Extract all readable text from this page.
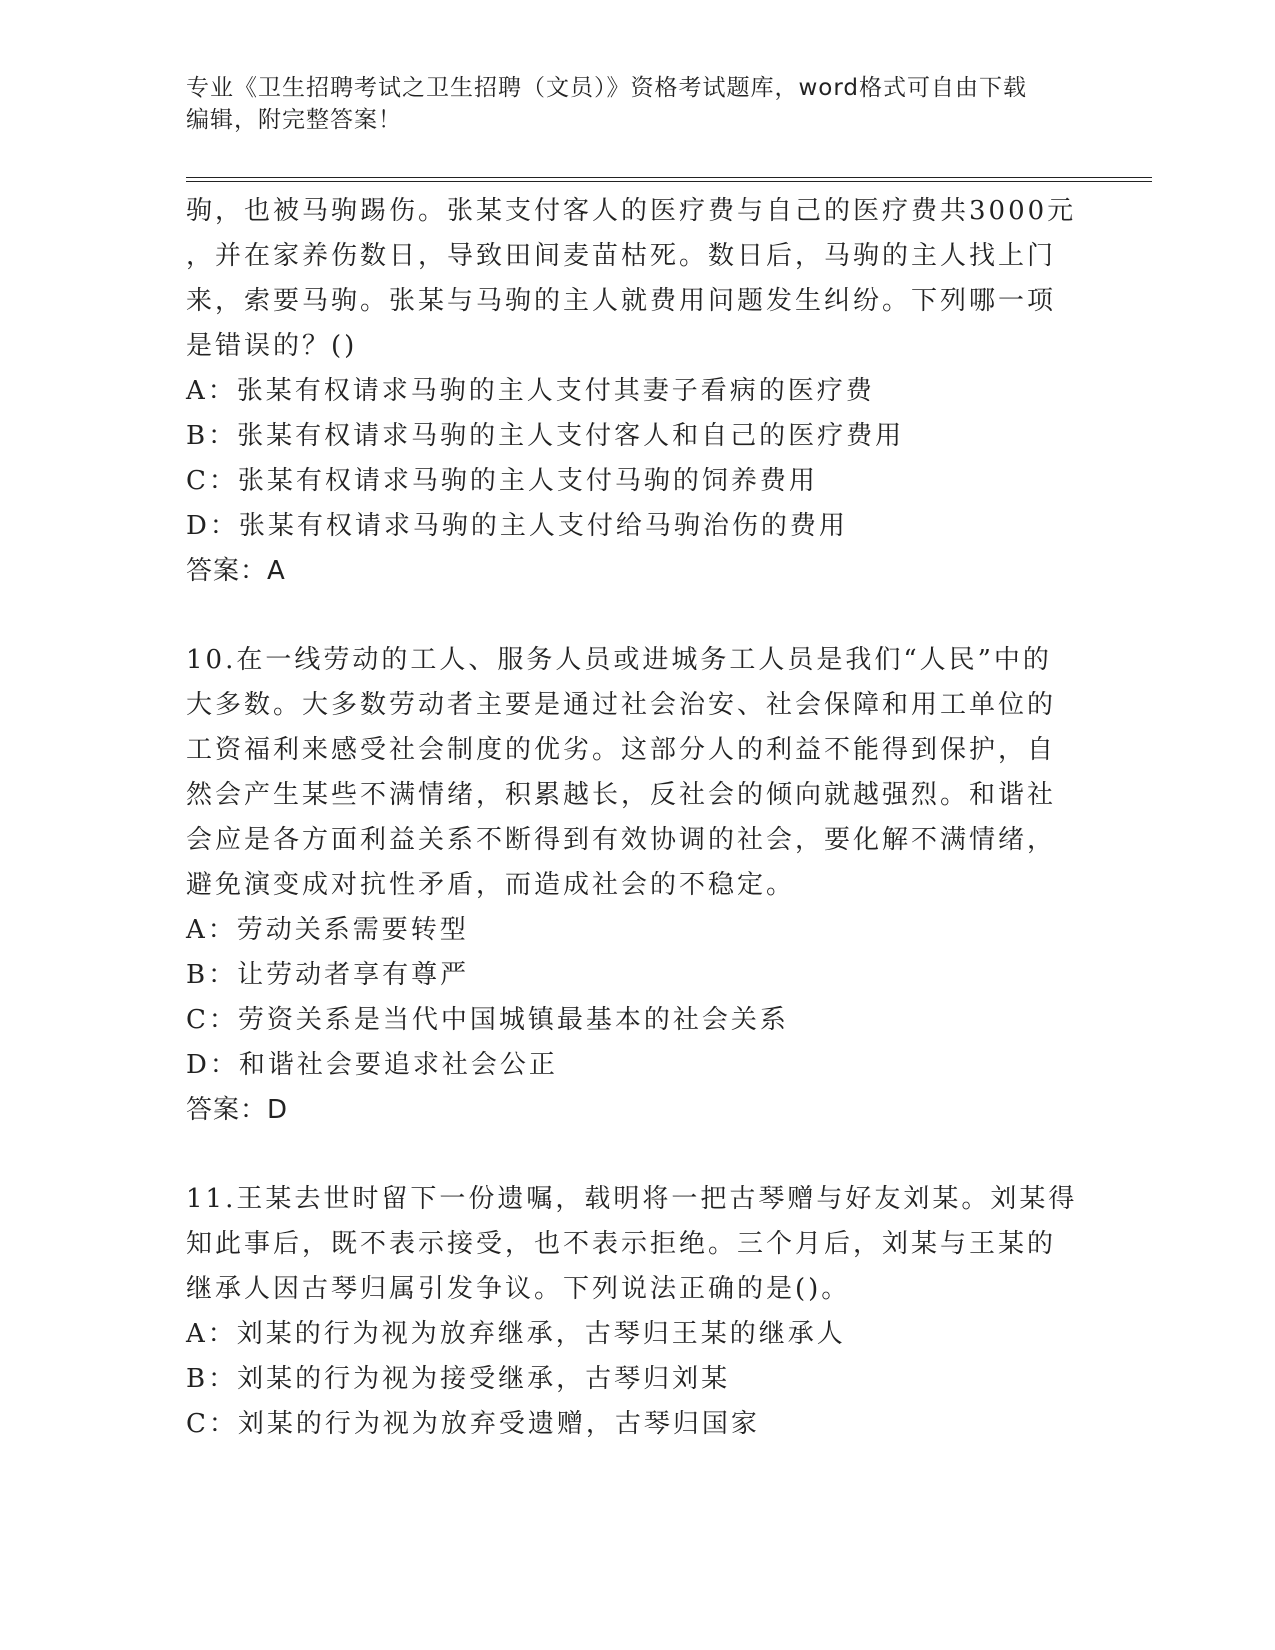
专业《卫生招聘考试之卫生招聘（文员）》资格考试题库，word格式可自由下载
编辑，附完整答案！
驹，也被马驹踢伤。张某支付客人的医疗费与自己的医疗费共3000元
，并在家养伤数日，导致田间麦苗枯死。数日后，马驹的主人找上门
来，索要马驹。张某与马驹的主人就费用问题发生纠纷。下列哪一项
是错误的？()
A：张某有权请求马驹的主人支付其妻子看病的医疗费
B：张某有权请求马驹的主人支付客人和自己的医疗费用
C：张某有权请求马驹的主人支付马驹的饲养费用
D：张某有权请求马驹的主人支付给马驹治伤的费用
答案：A
10.在一线劳动的工人、服务人员或进城务工人员是我们“人民”中的
大多数。大多数劳动者主要是通过社会治安、社会保障和用工单位的
工资福利来感受社会制度的优劣。这部分人的利益不能得到保护，自
然会产生某些不满情绪，积累越长，反社会的倾向就越强烈。和谐社
会应是各方面利益关系不断得到有效协调的社会，要化解不满情绪，
避免演变成对抗性矛盾，而造成社会的不稳定。
A：劳动关系需要转型
B：让劳动者享有尊严
C：劳资关系是当代中国城镇最基本的社会关系
D：和谐社会要追求社会公正
答案：D
11.王某去世时留下一份遗嘱，载明将一把古琴赠与好友刘某。刘某得
知此事后，既不表示接受，也不表示拒绝。三个月后，刘某与王某的
继承人因古琴归属引发争议。下列说法正确的是()。
A：刘某的行为视为放弃继承，古琴归王某的继承人
B：刘某的行为视为接受继承，古琴归刘某
C：刘某的行为视为放弃受遗赠，古琴归国家
